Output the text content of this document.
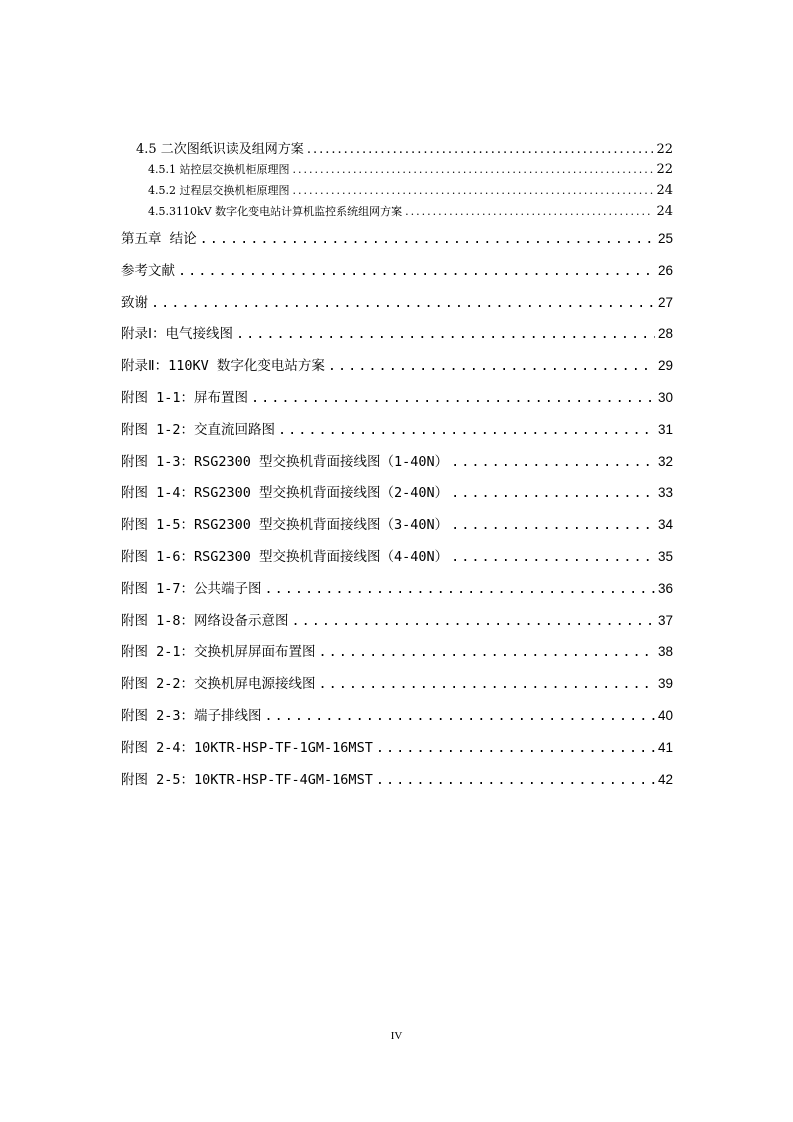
4.5 二次图纸识读及组网方案 .....	22
4.5.1 站控层交换机柜原理图 .....	22
4.5.2 过程层交换机柜原理图 .....	24
4.5.3110kV 数字化变电站计算机监控系统组网方案 .....	24
第五章 结论 .....	25
参考文献 .....	26
致谢 .....	27
附录Ⅰ：电气接线图 .....	28
附录Ⅱ：110KV 数字化变电站方案 .....	29
附图 1-1：屏布置图 .....	30
附图 1-2：交直流回路图 .....	31
附图 1-3：RSG2300 型交换机背面接线图（1-40N） .....	32
附图 1-4：RSG2300 型交换机背面接线图（2-40N） .....	33
附图 1-5：RSG2300 型交换机背面接线图（3-40N） .....	34
附图 1-6：RSG2300 型交换机背面接线图（4-40N） .....	35
附图 1-7：公共端子图 .....	36
附图 1-8：网络设备示意图 .....	37
附图 2-1：交换机屏屏面布置图 .....	38
附图 2-2：交换机屏电源接线图 .....	39
附图 2-3：端子排线图 .....	40
附图 2-4：10KTR-HSP-TF-1GM-16MST .....	41
附图 2-5：10KTR-HSP-TF-4GM-16MST .....	42
IV
